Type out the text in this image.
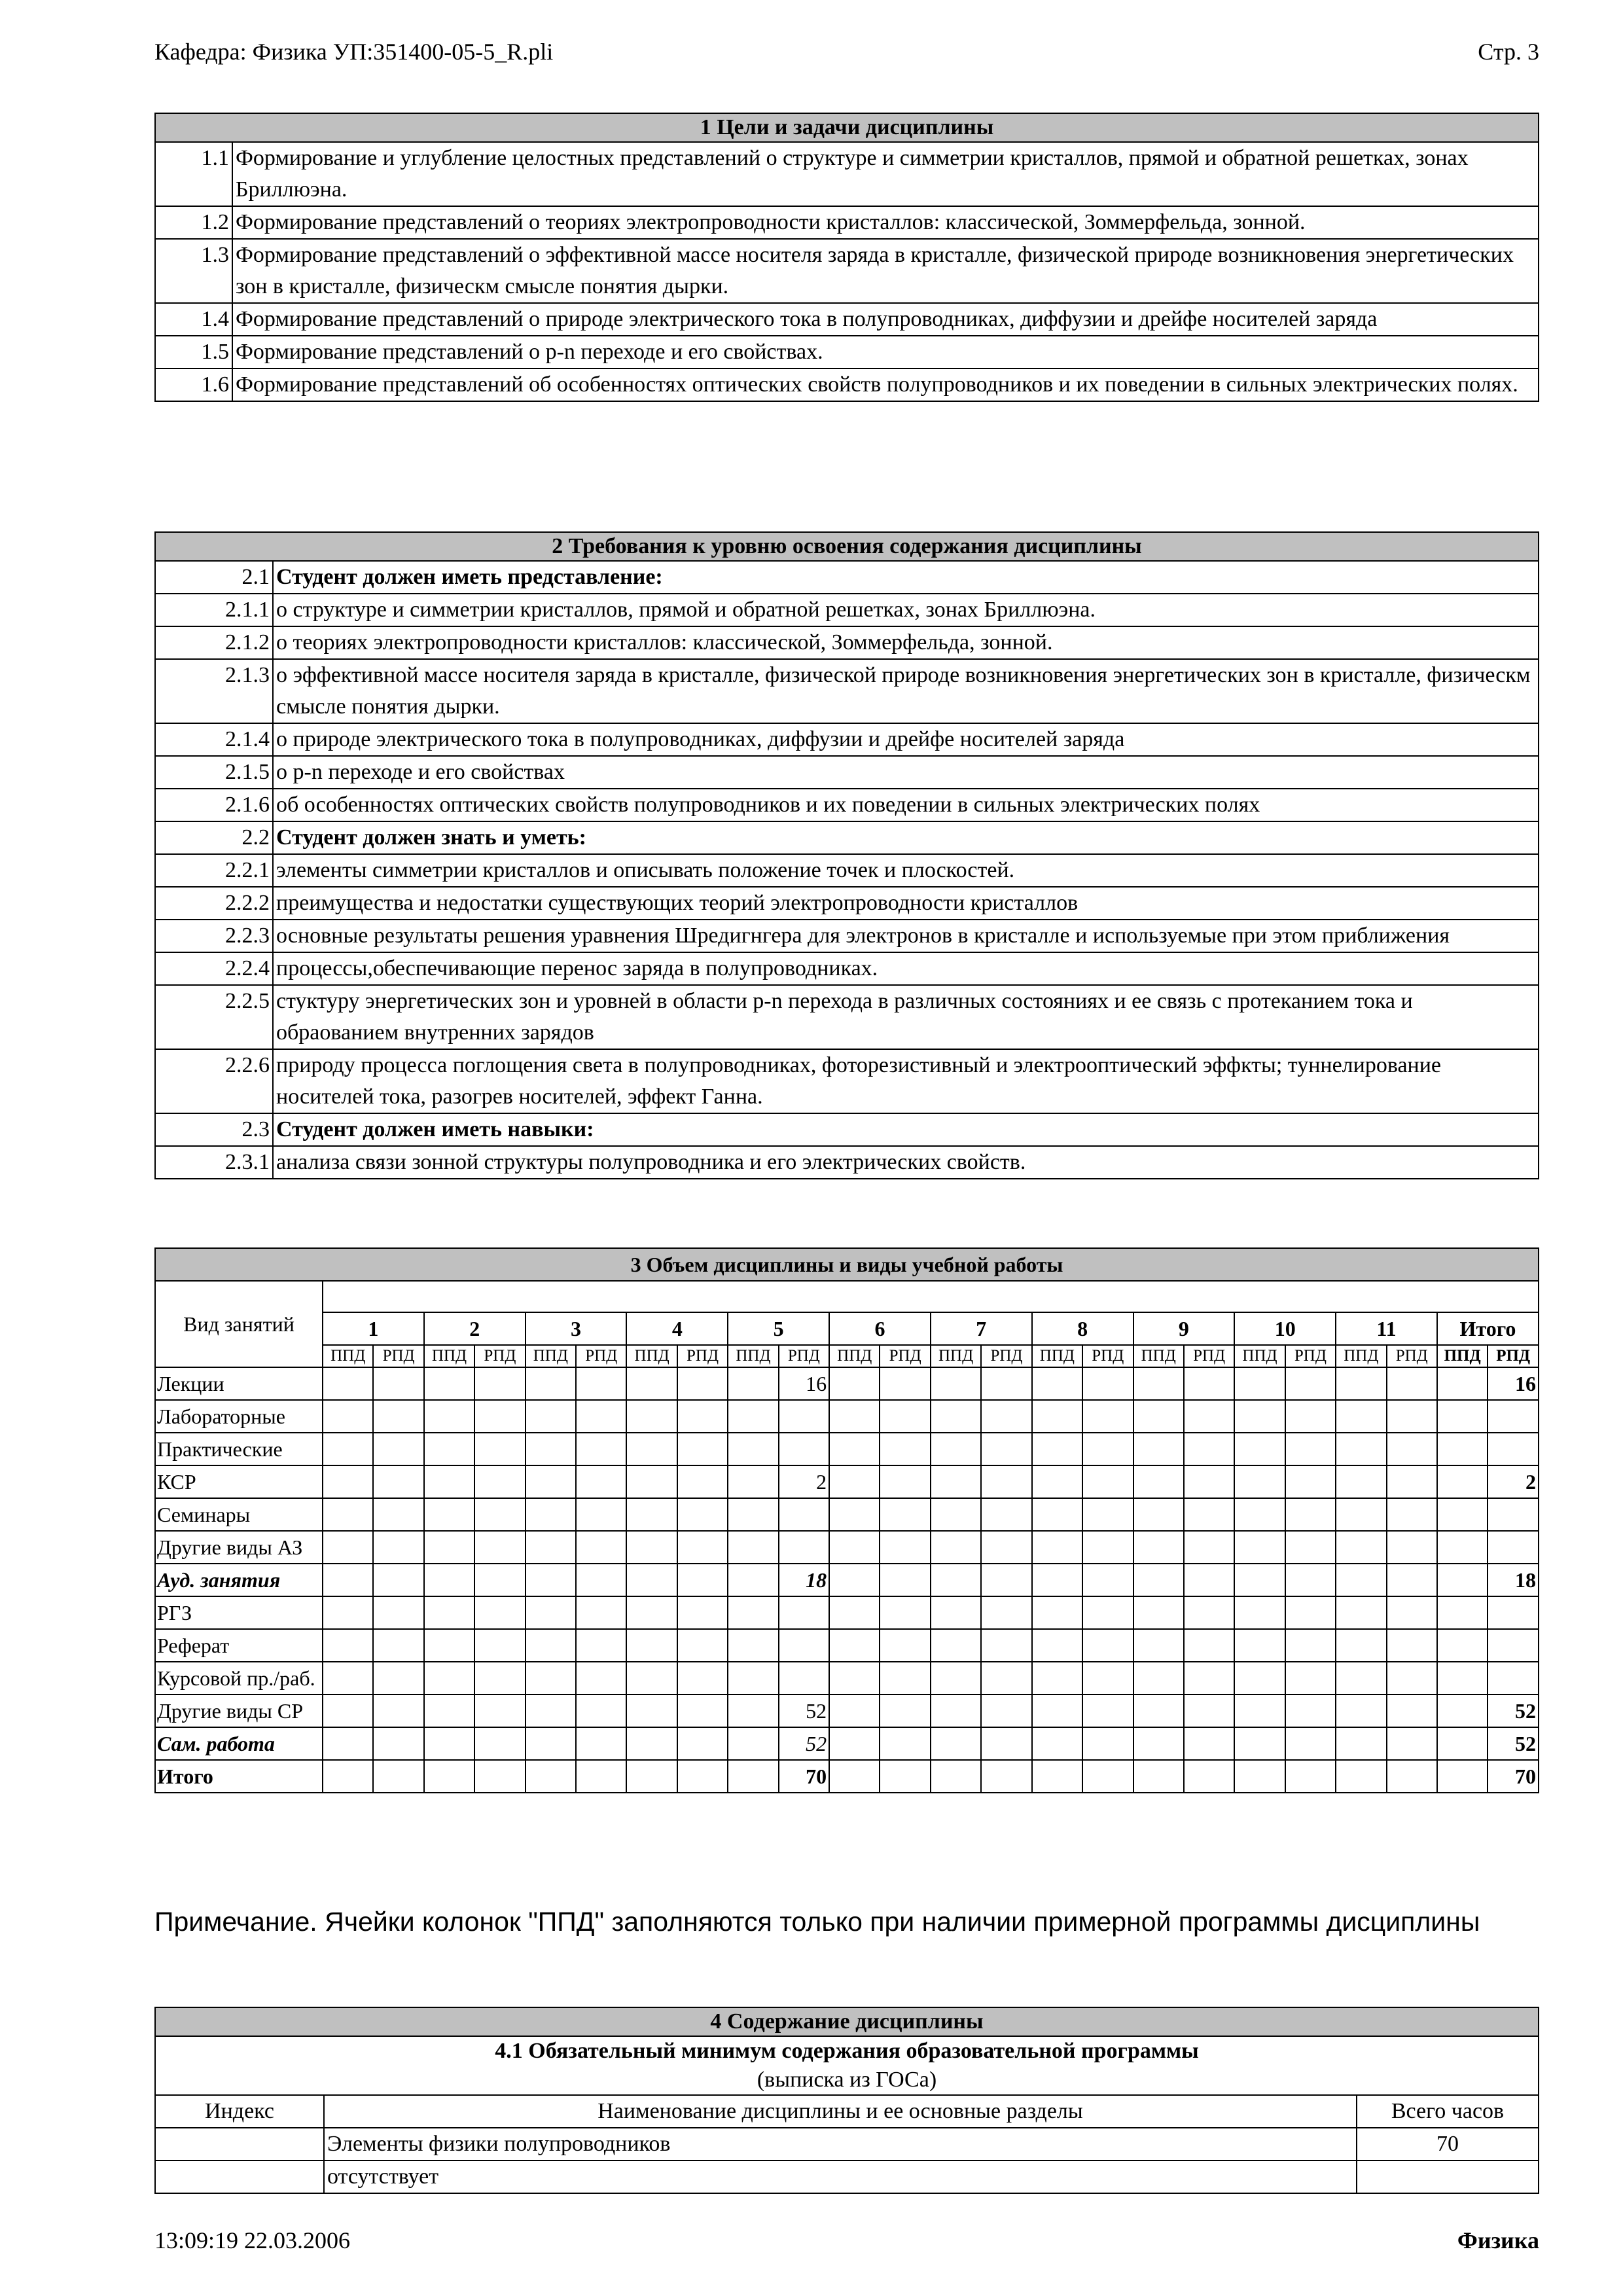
Кафедра: Физика УП:351400-05-5_R.pli	Стр. 3
1 Цели и задачи дисциплины	
1.1	Формирование и углубление целостных представлений о структуре и симметрии кристаллов, прямой и обратной решетках, зонах Бриллюэна.
1.2	Формирование представлений о теориях электропроводности кристаллов: классической, Зоммерфельда, зонной.
1.3	Формирование представлений о эффективной массе носителя заряда в кристалле, физической природе возникновения энергетических зон в кристалле, физическм смысле понятия дырки.
1.4	Формирование представлений о природе электрического тока в полупроводниках, диффузии и дрейфе носителей заряда
1.5	Формирование представлений о p-n переходе и его свойствах.
1.6	Формирование представлений об особенностях оптических свойств полупроводников и их поведении в сильных электрических полях.
2 Требования к уровню освоения содержания дисциплины	
2.1	Студент должен иметь представление:
2.1.1	о структуре и симметрии кристаллов, прямой и обратной решетках, зонах Бриллюэна.
2.1.2	о теориях электропроводности кристаллов: классической, Зоммерфельда, зонной.
2.1.3	о эффективной массе носителя заряда в кристалле, физической природе возникновения энергетических зон в кристалле, физическм смысле понятия дырки.
2.1.4	о природе электрического тока в полупроводниках, диффузии и дрейфе носителей заряда
2.1.5	о p-n переходе и его свойствах
2.1.6	об особенностях оптических свойств полупроводников и их поведении в сильных электрических полях
2.2	Студент должен знать и уметь:
2.2.1	элементы симметрии кристаллов и описывать положение точек и плоскостей.
2.2.2	преимущества и недостатки существующих теорий электропроводности кристаллов
2.2.3	основные результаты решения уравнения Шредигнгера для электронов в кристалле и используемые при этом приближения
2.2.4	процессы,обеспечивающие перенос заряда в полупроводниках.
2.2.5	стуктуру энергетических зон и уровней в области p-n перехода в различных состояниях и ее связь с протеканием тока и обраованием внутренних зарядов
2.2.6	природу процесса поглощения света в полупроводниках, фоторезистивный и электрооптический эффкты; туннелирование носителей тока, разогрев носителей, эффект Ганна.
2.3	Студент должен иметь навыки:
2.3.1	анализа связи зонной структуры полупроводника и его электрических свойств.
3 Объем дисциплины и виды учебной работы																								
Вид занятий																								
	1		2		3		4		5		6		7		8		9		10		11		Итого	
	ППД	РПД	ППД	РПД	ППД	РПД	ППД	РПД	ППД	РПД	ППД	РПД	ППД	РПД	ППД	РПД	ППД	РПД	ППД	РПД	ППД	РПД	ППД	РПД
Лекции										16														16
Лабораторные																								
Практические																								
КСР										2														2
Семинары																								
Другие виды АЗ																								
Ауд. занятия										18														18
РГЗ																								
Реферат																								
Курсовой пр./раб.																								
Другие виды СР										52														52
Сам. работа										52														52
Итого										70														70
Примечание. Ячейки колонок "ППД" заполняются только при наличии примерной программы дисциплины
4 Содержание дисциплины		

4.1 Обязательный минимум содержания образовательной программы
(выписка из ГОСа)		

Индекс	Наименование дисциплины и ее основные разделы	Всего часов
	Элементы физики полупроводников	70
	отсутствует	
13:09:19 22.03.2006	Физика
